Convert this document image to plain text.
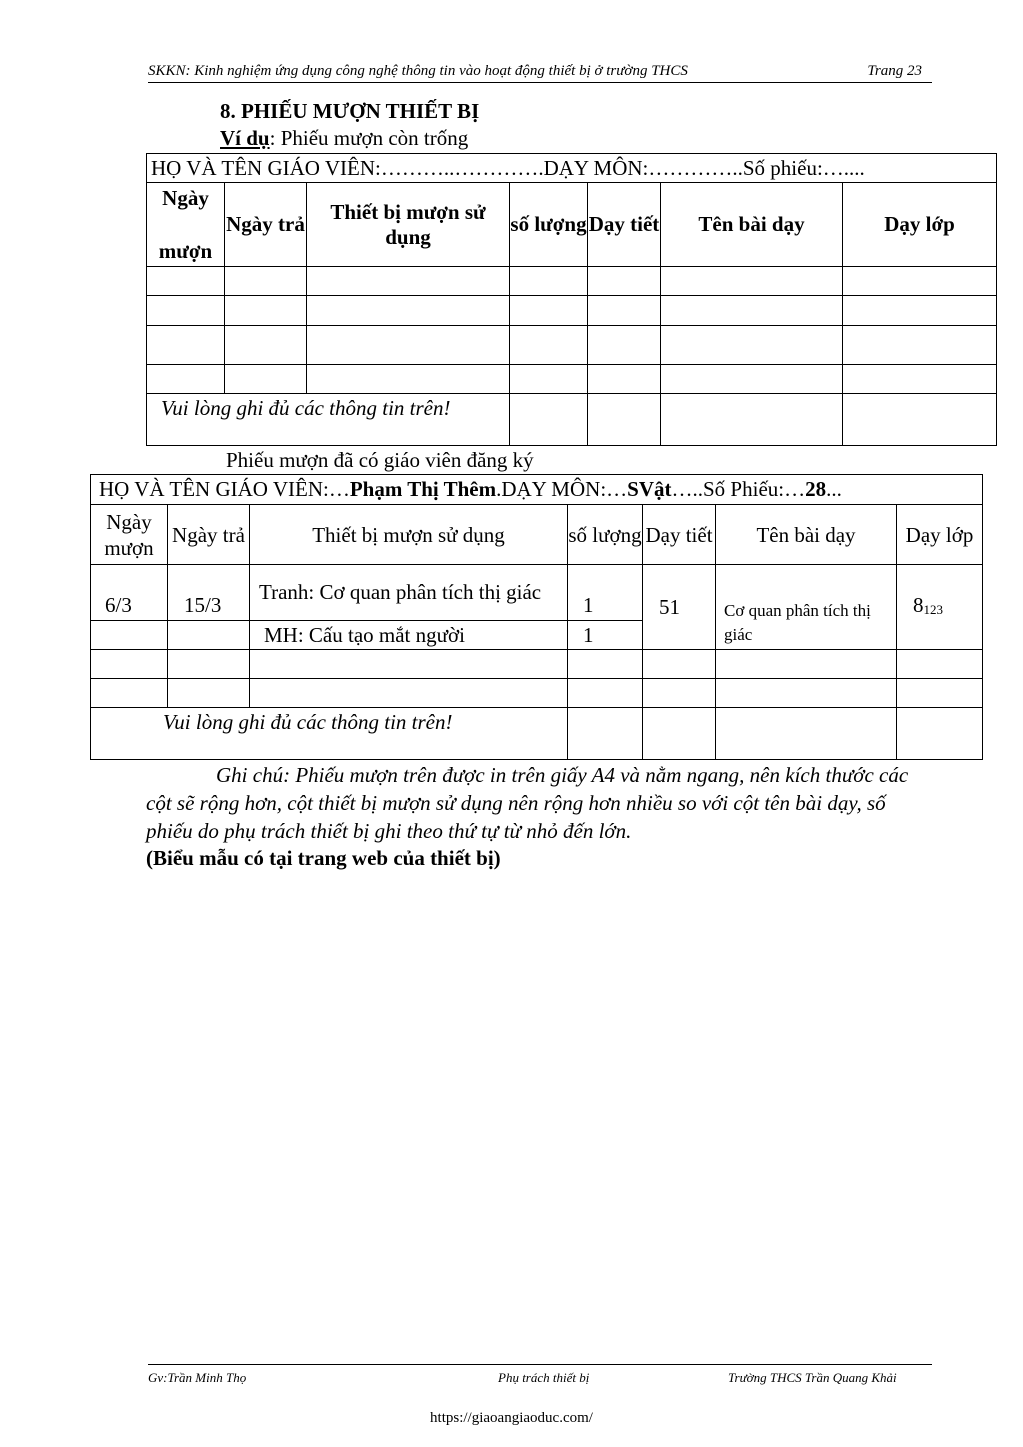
SKKN: Kinh nghiệm ứng dụng công nghệ thông tin vào hoạt động thiết bị ở trường THCS	Trang 23
8. PHIẾU MƯỢN THIẾT BỊ
Ví dụ: Phiếu mượn còn trống
HỌ VÀ TÊN GIÁO VIÊN:………..………….DẠY MÔN:…………..Số phiếu:…....						

Ngày
mượn	Ngày trả	Thiết bị mượn sử dụng	số lượng	Dạy tiết	Tên bài dạy	Dạy lớp

Vui lòng ghi đủ các thông tin trên!						
Phiếu mượn đã có giáo viên đăng ký
HỌ VÀ TÊN GIÁO VIÊN:…Phạm Thị Thêm.DẠY MÔN:…SVật…..Số Phiếu:…28...						
Ngày mượn	Ngày trả	Thiết bị mượn sử dụng	số lượng	Dạy tiết	Tên bài dạy	Dạy lớp
6/3	15/3	Tranh: Cơ quan phân tích thị giác	1	51	Cơ quan phân tích thị giác	$8_{123}$
		MH: Cấu tạo mắt người	1			

Vui lòng ghi đủ các thông tin trên!						
Ghi chú: Phiếu mượn trên được in trên giấy A4 và nằm ngang, nên kích thước các cột sẽ rộng hơn, cột thiết bị mượn sử dụng nên rộng hơn nhiều so với cột tên bài dạy, số phiếu do phụ trách thiết bị ghi theo thứ tự từ nhỏ đến lớn.
(Biểu mẫu có tại trang web của thiết bị)
Gv:Trần Minh Thọ	Phụ trách thiết bị	Trường THCS Trần Quang Khải
https://giaoangiaoduc.com/
